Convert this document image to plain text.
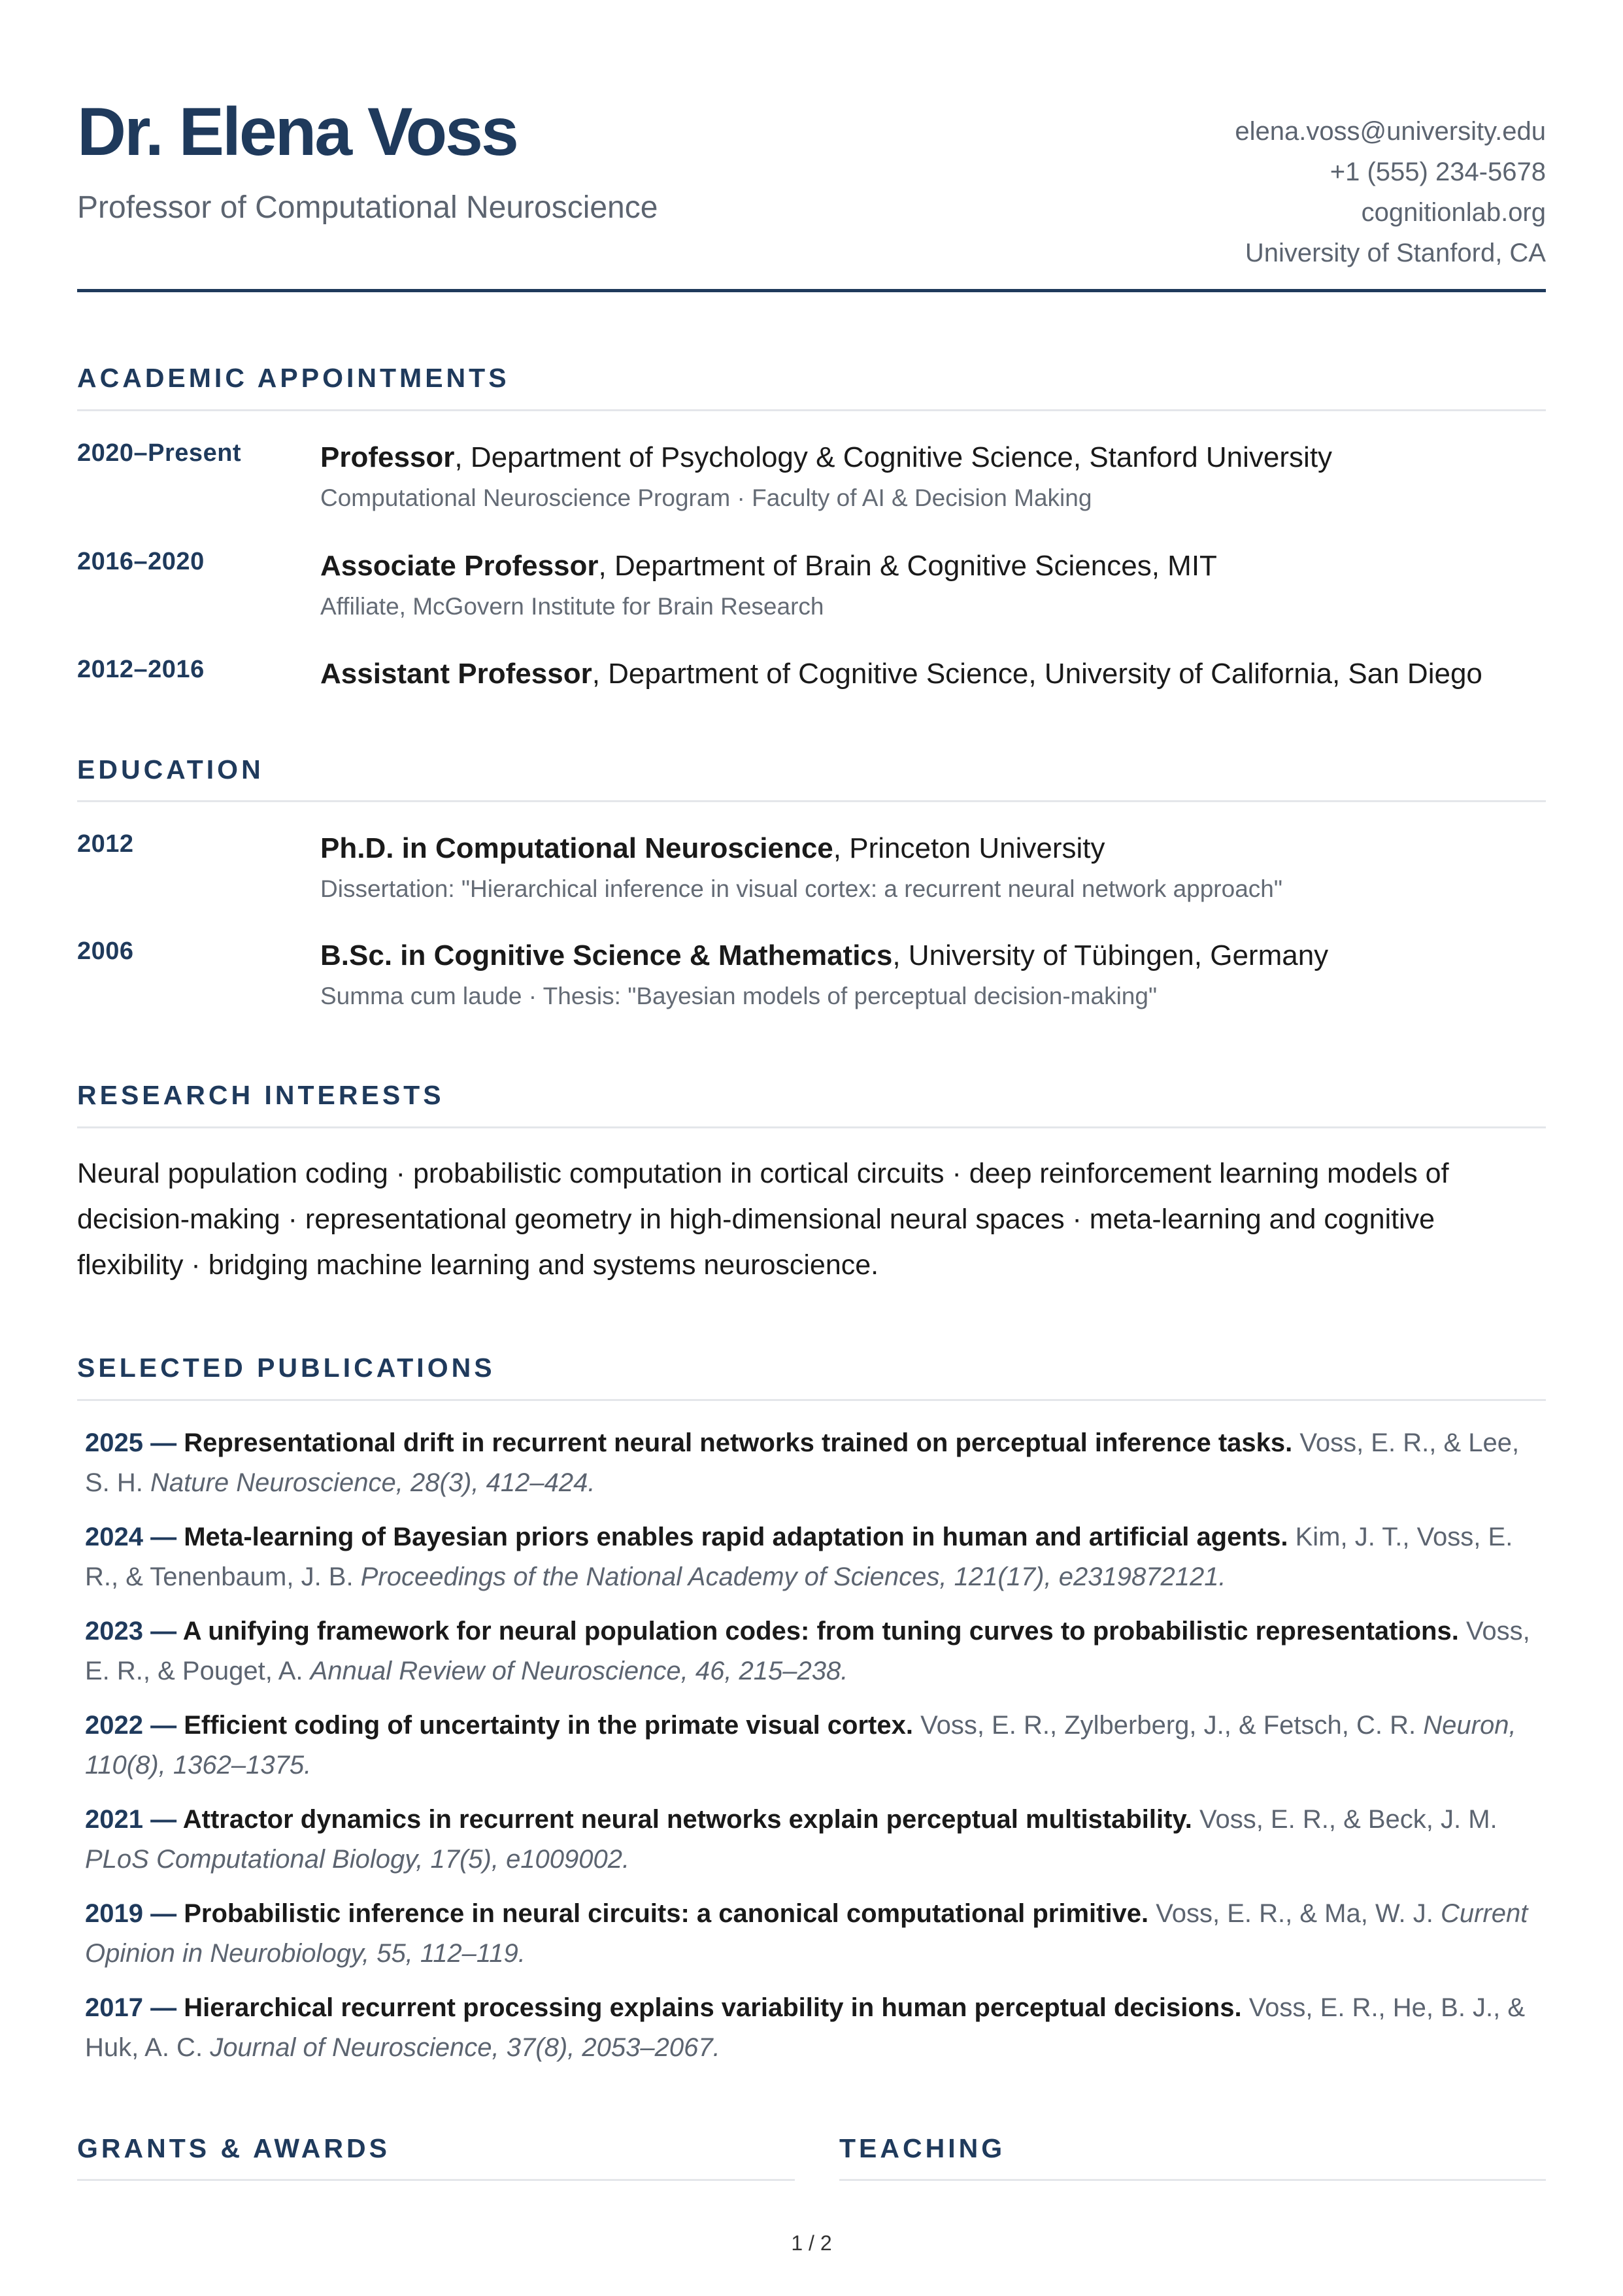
Dr. Elena Voss
Professor of Computational Neuroscience
elena.voss@university.edu
+1 (555) 234-5678
cognitionlab.org
University of Stanford, CA
ACADEMIC APPOINTMENTS
2020–Present	Professor, Department of Psychology & Cognitive Science, Stanford University
Computational Neuroscience Program · Faculty of AI & Decision Making
2016–2020	Associate Professor, Department of Brain & Cognitive Sciences, MIT
Affiliate, McGovern Institute for Brain Research
2012–2016	Assistant Professor, Department of Cognitive Science, University of California, San Diego
EDUCATION
2012	Ph.D. in Computational Neuroscience, Princeton University
Dissertation: "Hierarchical inference in visual cortex: a recurrent neural network approach"
2006	B.Sc. in Cognitive Science & Mathematics, University of Tübingen, Germany
Summa cum laude · Thesis: "Bayesian models of perceptual decision-making"
RESEARCH INTERESTS
Neural population coding · probabilistic computation in cortical circuits · deep reinforcement learning models of decision-making · representational geometry in high-dimensional neural spaces · meta-learning and cognitive flexibility · bridging machine learning and systems neuroscience.
SELECTED PUBLICATIONS
2025 — Representational drift in recurrent neural networks trained on perceptual inference tasks. Voss, E. R., & Lee, S. H. Nature Neuroscience, 28(3), 412–424.
2024 — Meta-learning of Bayesian priors enables rapid adaptation in human and artificial agents. Kim, J. T., Voss, E. R., & Tenenbaum, J. B. Proceedings of the National Academy of Sciences, 121(17), e2319872121.
2023 — A unifying framework for neural population codes: from tuning curves to probabilistic representations. Voss, E. R., & Pouget, A. Annual Review of Neuroscience, 46, 215–238.
2022 — Efficient coding of uncertainty in the primate visual cortex. Voss, E. R., Zylberberg, J., & Fetsch, C. R. Neuron, 110(8), 1362–1375.
2021 — Attractor dynamics in recurrent neural networks explain perceptual multistability. Voss, E. R., & Beck, J. M. PLoS Computational Biology, 17(5), e1009002.
2019 — Probabilistic inference in neural circuits: a canonical computational primitive. Voss, E. R., & Ma, W. J. Current Opinion in Neurobiology, 55, 112–119.
2017 — Hierarchical recurrent processing explains variability in human perceptual decisions. Voss, E. R., He, B. J., & Huk, A. C. Journal of Neuroscience, 37(8), 2053–2067.
GRANTS & AWARDS	TEACHING
1 / 2
